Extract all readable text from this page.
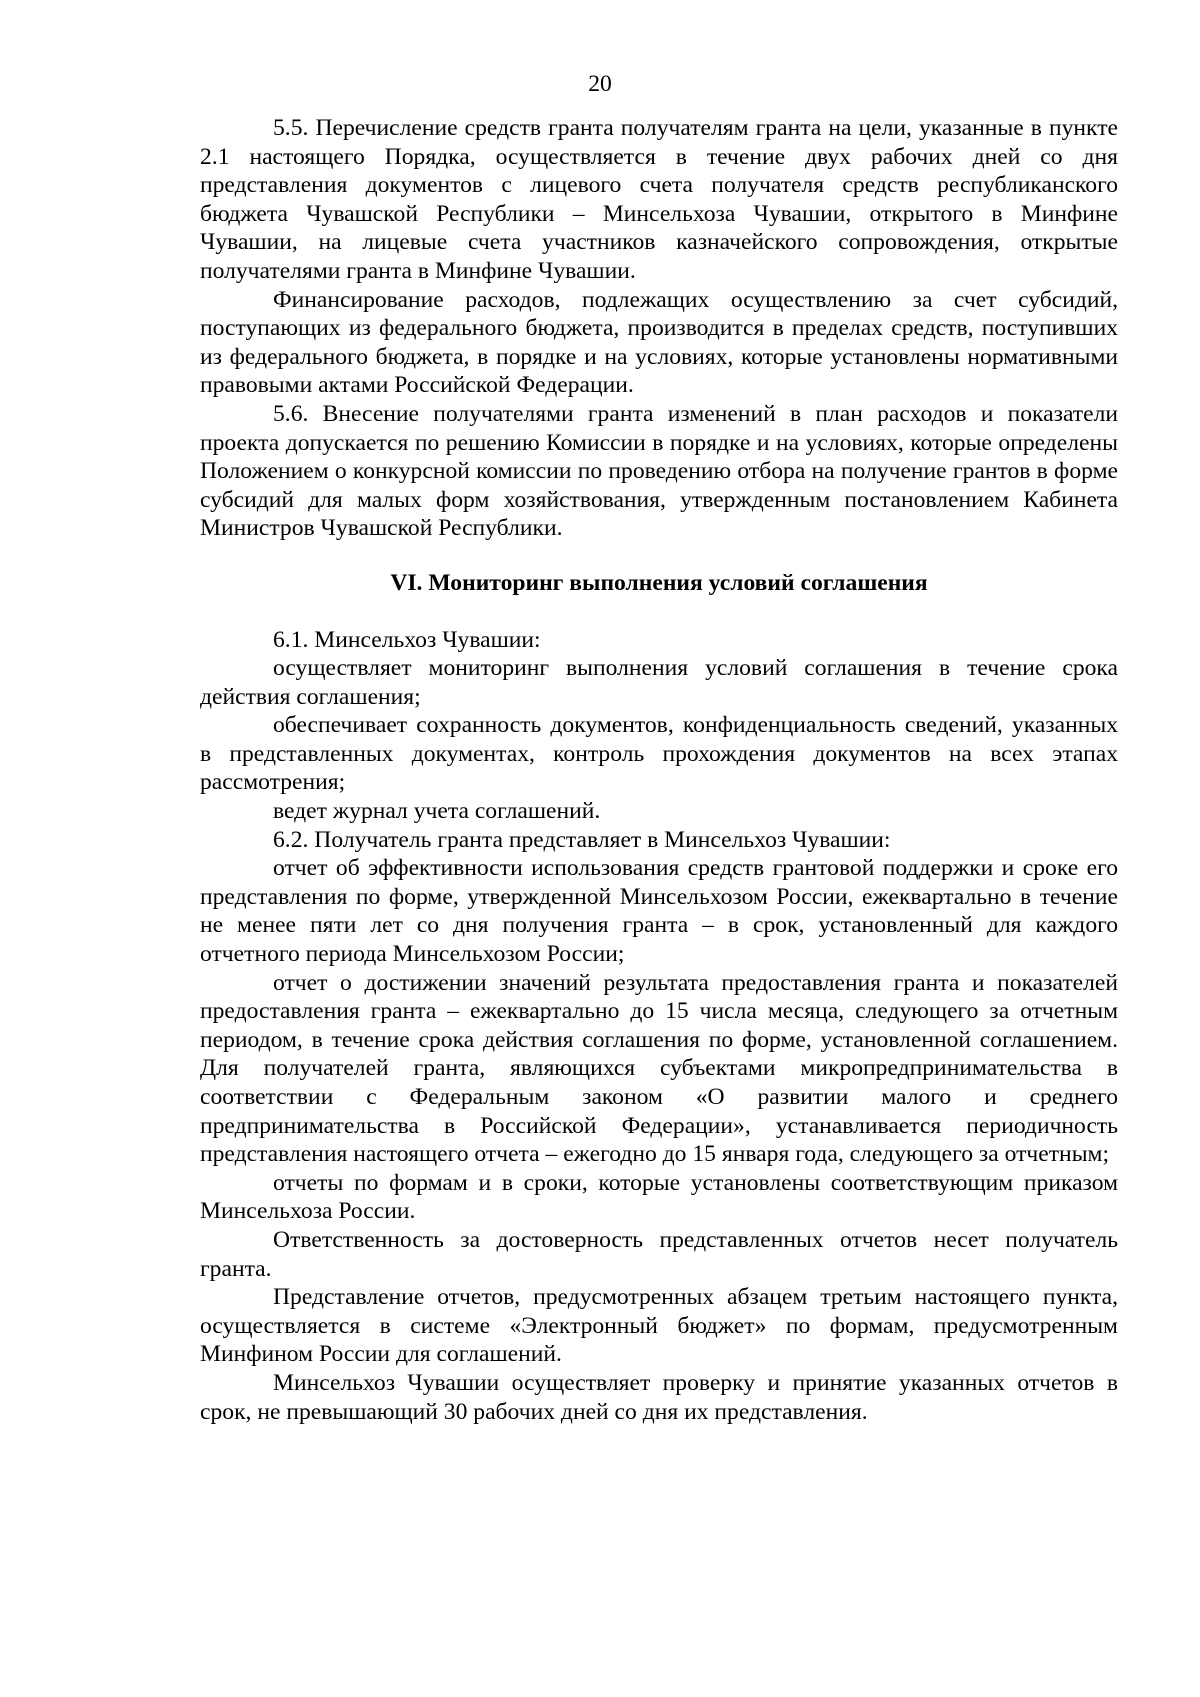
20

5.5. Перечисление средств гранта получателям гранта на цели, указанные в пункте 2.1 настоящего Порядка, осуществляется в течение двух рабочих дней со дня представления документов с лицевого счета получателя средств республиканского бюджета Чувашской Республики – Минсельхоза Чувашии, открытого в Минфине Чувашии, на лицевые счета участников казначейского сопровождения, открытые получателями гранта в Минфине Чувашии.

Финансирование расходов, подлежащих осуществлению за счет субсидий, поступающих из федерального бюджета, производится в пределах средств, поступивших из федерального бюджета, в порядке и на условиях, которые установлены нормативными правовыми актами Российской Федерации.

5.6. Внесение получателями гранта изменений в план расходов и показатели проекта допускается по решению Комиссии в порядке и на условиях, которые определены Положением о конкурсной комиссии по проведению отбора на получение грантов в форме субсидий для малых форм хозяйствования, утвержденным постановлением Кабинета Министров Чувашской Республики.

VI. Мониторинг выполнения условий соглашения

6.1. Минсельхоз Чувашии:

осуществляет мониторинг выполнения условий соглашения в течение срока действия соглашения;

обеспечивает сохранность документов, конфиденциальность сведений, указанных в представленных документах, контроль прохождения документов на всех этапах рассмотрения;

ведет журнал учета соглашений.

6.2. Получатель гранта представляет в Минсельхоз Чувашии:

отчет об эффективности использования средств грантовой поддержки и сроке его представления по форме, утвержденной Минсельхозом России, ежеквартально в течение не менее пяти лет со дня получения гранта – в срок, установленный для каждого отчетного периода Минсельхозом России;

отчет о достижении значений результата предоставления гранта и показателей предоставления гранта – ежеквартально до 15 числа месяца, следующего за отчетным периодом, в течение срока действия соглашения по форме, установленной соглашением. Для получателей гранта, являющихся субъектами микропредпринимательства в соответствии с Федеральным законом «О развитии малого и среднего предпринимательства в Российской Федерации», устанавливается периодичность представления настоящего отчета – ежегодно до 15 января года, следующего за отчетным;

отчеты по формам и в сроки, которые установлены соответствующим приказом Минсельхоза России.

Ответственность за достоверность представленных отчетов несет получатель гранта.

Представление отчетов, предусмотренных абзацем третьим настоящего пункта, осуществляется в системе «Электронный бюджет» по формам, предусмотренным Минфином России для соглашений.

Минсельхоз Чувашии осуществляет проверку и принятие указанных отчетов в срок, не превышающий 30 рабочих дней со дня их представления.
